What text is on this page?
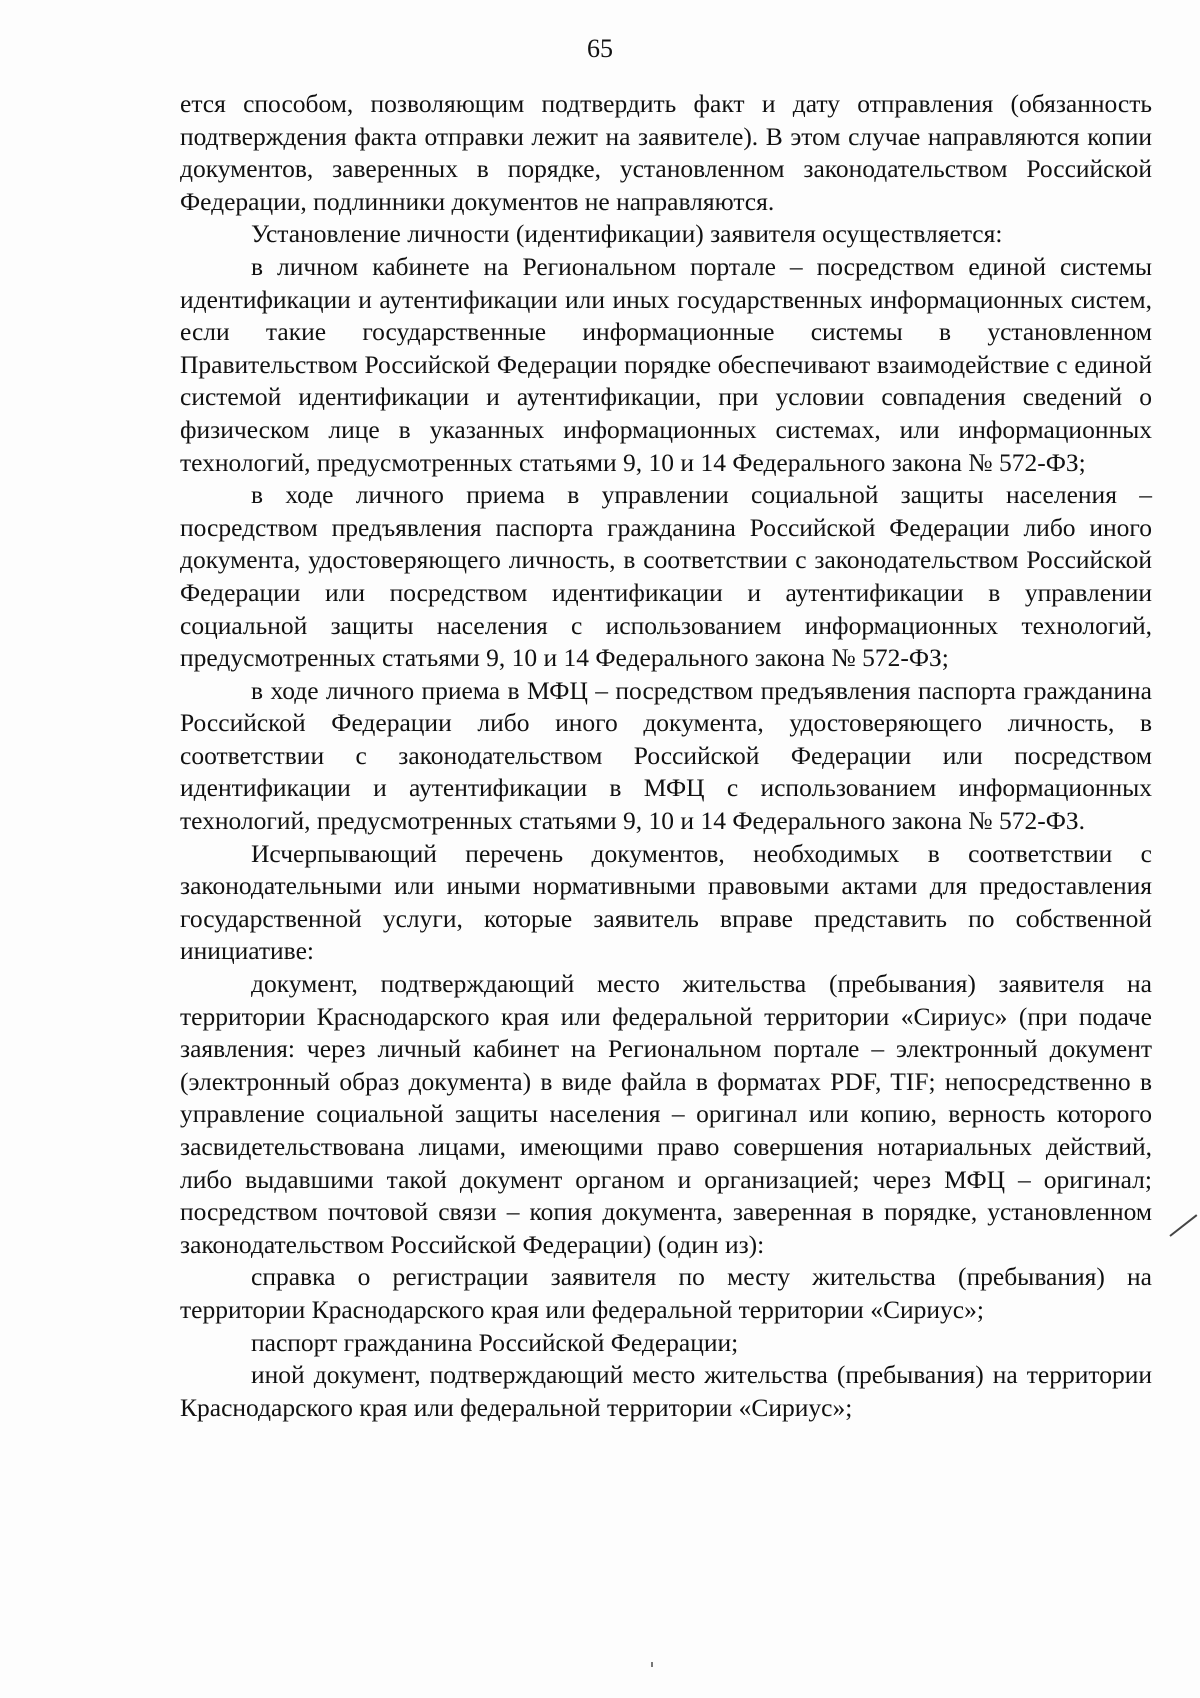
65

ется способом, позволяющим подтвердить факт и дату отправления (обязанность подтверждения факта отправки лежит на заявителе). В этом случае направляются копии документов, заверенных в порядке, установленном законодательством Российской Федерации, подлинники документов не направляются.

Установление личности (идентификации) заявителя осуществляется:

в личном кабинете на Региональном портале – посредством единой системы идентификации и аутентификации или иных государственных информационных систем, если такие государственные информационные системы в установленном Правительством Российской Федерации порядке обеспечивают взаимодействие с единой системой идентификации и аутентификации, при условии совпадения сведений о физическом лице в указанных информационных системах, или информационных технологий, предусмотренных статьями 9, 10 и 14 Федерального закона № 572-ФЗ;

в ходе личного приема в управлении социальной защиты населения – посредством предъявления паспорта гражданина Российской Федерации либо иного документа, удостоверяющего личность, в соответствии с законодательством Российской Федерации или посредством идентификации и аутентификации в управлении социальной защиты населения с использованием информационных технологий, предусмотренных статьями 9, 10 и 14 Федерального закона № 572-ФЗ;

в ходе личного приема в МФЦ – посредством предъявления паспорта гражданина Российской Федерации либо иного документа, удостоверяющего личность, в соответствии с законодательством Российской Федерации или посредством идентификации и аутентификации в МФЦ с использованием информационных технологий, предусмотренных статьями 9, 10 и 14 Федерального закона № 572-ФЗ.

Исчерпывающий перечень документов, необходимых в соответствии с законодательными или иными нормативными правовыми актами для предоставления государственной услуги, которые заявитель вправе представить по собственной инициативе:

документ, подтверждающий место жительства (пребывания) заявителя на территории Краснодарского края или федеральной территории «Сириус» (при подаче заявления: через личный кабинет на Региональном портале – электронный документ (электронный образ документа) в виде файла в форматах PDF, TIF; непосредственно в управление социальной защиты населения – оригинал или копию, верность которого засвидетельствована лицами, имеющими право совершения нотариальных действий, либо выдавшими такой документ органом и организацией; через МФЦ – оригинал; посредством почтовой связи – копия документа, заверенная в порядке, установленном законодательством Российской Федерации) (один из):

справка о регистрации заявителя по месту жительства (пребывания) на территории Краснодарского края или федеральной территории «Сириус»;

паспорт гражданина Российской Федерации;

иной документ, подтверждающий место жительства (пребывания) на территории Краснодарского края или федеральной территории «Сириус»;
